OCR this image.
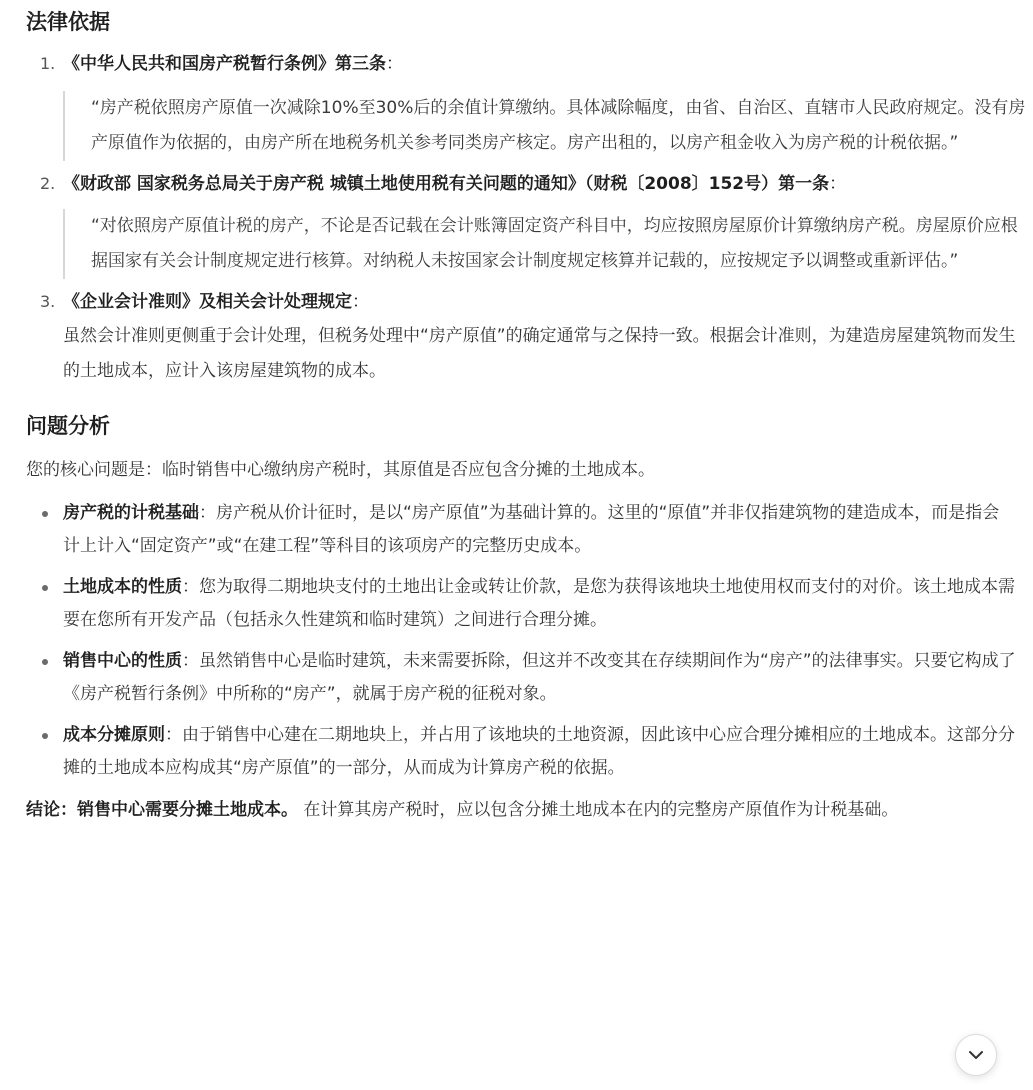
法律依据
1. 《中华人民共和国房产税暂行条例》第三条：
“房产税依照房产原值一次减除10%至30%后的余值计算缴纳。具体减除幅度，由省、自治区、直辖市人民政府规定。没有房产原值作为依据的，由房产所在地税务机关参考同类房产核定。房产出租的，以房产租金收入为房产税的计税依据。”
2. 《财政部 国家税务总局关于房产税 城镇土地使用税有关问题的通知》（财税〔2008〕152号）第一条：
“对依照房产原值计税的房产，不论是否记载在会计账簿固定资产科目中，均应按照房屋原价计算缴纳房产税。房屋原价应根据国家有关会计制度规定进行核算。对纳税人未按国家会计制度规定核算并记载的，应按规定予以调整或重新评估。”
3. 《企业会计准则》及相关会计处理规定：
虽然会计准则更侧重于会计处理，但税务处理中“房产原值”的确定通常与之保持一致。根据会计准则，为建造房屋建筑物而发生的土地成本，应计入该房屋建筑物的成本。
问题分析
您的核心问题是：临时销售中心缴纳房产税时，其原值是否应包含分摊的土地成本。
房产税的计税基础：房产税从价计征时，是以“房产原值”为基础计算的。这里的“原值”并非仅指建筑物的建造成本，而是指会计上计入“固定资产”或“在建工程”等科目的该项房产的完整历史成本。
土地成本的性质：您为取得二期地块支付的土地出让金或转让价款，是您为获得该地块土地使用权而支付的对价。该土地成本需要在您所有开发产品（包括永久性建筑和临时建筑）之间进行合理分摊。
销售中心的性质：虽然销售中心是临时建筑，未来需要拆除，但这并不改变其在存续期间作为“房产”的法律事实。只要它构成了《房产税暂行条例》中所称的“房产”，就属于房产税的征税对象。
成本分摊原则：由于销售中心建在二期地块上，并占用了该地块的土地资源，因此该中心应合理分摊相应的土地成本。这部分分摊的土地成本应构成其“房产原值”的一部分，从而成为计算房产税的依据。
结论：销售中心需要分摊土地成本。 在计算其房产税时，应以包含分摊土地成本在内的完整房产原值作为计税基础。
